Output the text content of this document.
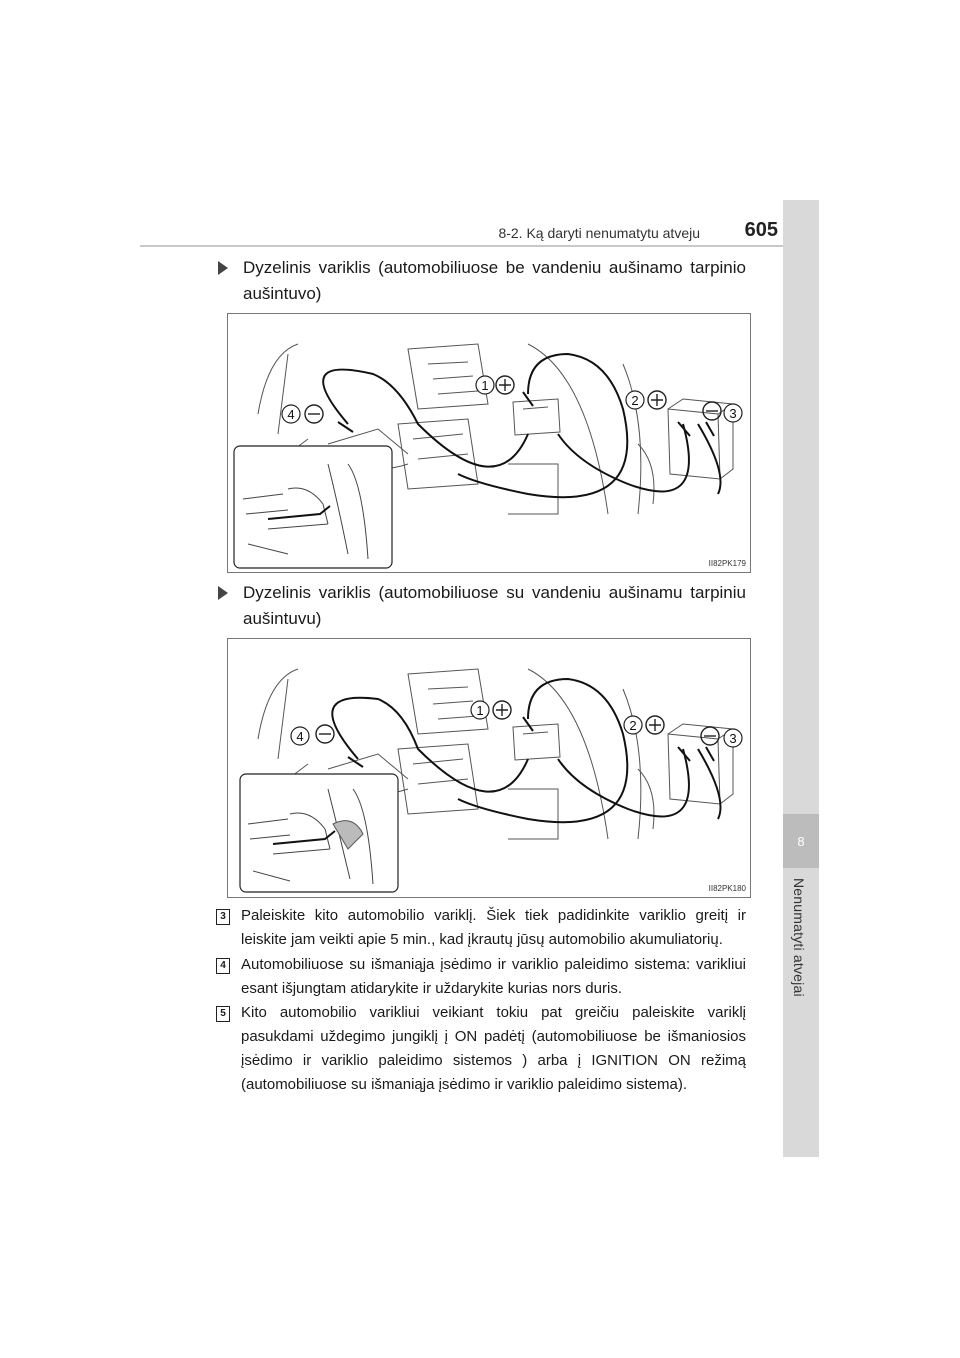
8-2. Ką daryti nenumatytu atveju 605
8
Nenumatyti atvejai
Dyzelinis variklis (automobiliuose be vandeniu aušinamo tarpinio aušintuvo)
1
2
3
4
II82PK179
Dyzelinis variklis (automobiliuose su vandeniu aušinamu tarpiniu aušintuvu)
1
2
3
4
II82PK180
3 Paleiskite kito automobilio variklį. Šiek tiek padidinkite variklio greitį ir leiskite jam veikti apie 5 min., kad įkrautų jūsų automobilio akumuliatorių.
4 Automobiliuose su išmaniąja įsėdimo ir variklio paleidimo sistema: varikliui esant išjungtam atidarykite ir uždarykite kurias nors duris.
5 Kito automobilio varikliui veikiant tokiu pat greičiu paleiskite variklį pasukdami uždegimo jungiklį į ON padėtį (automobiliuose be išmaniosios įsėdimo ir variklio paleidimo sistemos ) arba į IGNITION ON režimą (automobiliuose su išmaniąja įsėdimo ir variklio paleidimo sistema).
